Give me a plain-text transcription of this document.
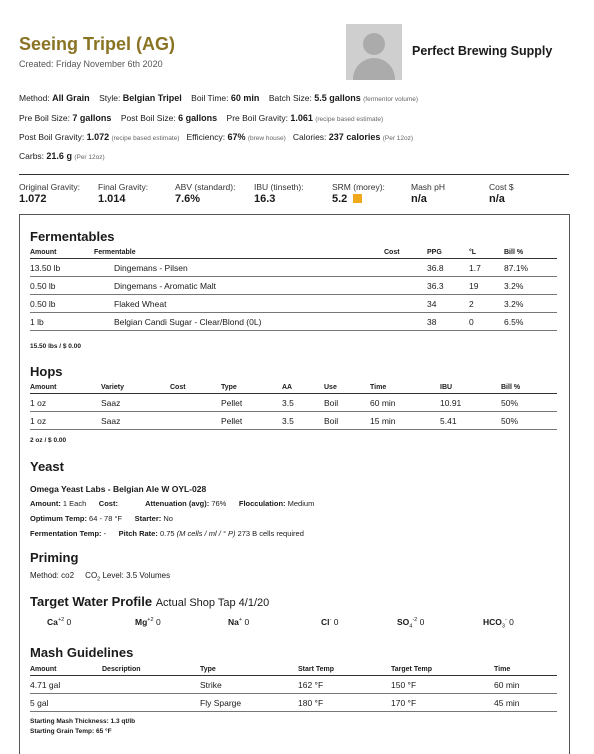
Seeing Tripel (AG)
Created: Friday November 6th 2020
Perfect Brewing Supply
Method: All Grain Style: Belgian Tripel Boil Time: 60 min Batch Size: 5.5 gallons (fermentor volume)
Pre Boil Size: 7 gallons Post Boil Size: 6 gallons Pre Boil Gravity: 1.061 (recipe based estimate)
Post Boil Gravity: 1.072 (recipe based estimate) Efficiency: 67% (brew house) Calories: 237 calories (Per 12oz)
Carbs: 21.6 g (Per 12oz)
Original Gravity:
1.072
Final Gravity:
1.014
ABV (standard):
7.6%
IBU (tinseth):
16.3
SRM (morey):
5.2
Mash pH
n/a
Cost $
n/a
Fermentables
Amount	Fermentable	Cost	PPG	°L	Bill %
13.50 lb	Dingemans - Pilsen		36.8	1.7	87.1%
0.50 lb	Dingemans - Aromatic Malt		36.3	19	3.2%
0.50 lb	Flaked Wheat		34	2	3.2%
1 lb	Belgian Candi Sugar - Clear/Blond (0L)		38	0	6.5%
15.50 lbs / $ 0.00
Hops
Amount	Variety	Cost	Type	AA	Use	Time	IBU	Bill %
1 oz	Saaz		Pellet	3.5	Boil	60 min	10.91	50%
1 oz	Saaz		Pellet	3.5	Boil	15 min	5.41	50%
2 oz / $ 0.00
Yeast
Omega Yeast Labs - Belgian Ale W OYL-028
Amount: 1 Each Cost:	Attenuation (avg): 76% Flocculation: Medium
Optimum Temp: 64 - 78 °F Starter: No
Fermentation Temp: - Pitch Rate: 0.75 (M cells / ml / ° P) 273 B cells required
Priming
Method: co2 $CO_2$ Level: 3.5 Volumes
Target Water Profile Actual Shop Tap 4/1/20
$Ca^{+2}$ 0	$Mg^{+2}$ 0	Na+ 0	Cl- 0	$SO_4^{-2}$ 0	$HCO_3^-$ 0
Mash Guidelines
Amount	Description	Type	Start Temp	Target Temp	Time
4.71 gal		Strike	162 °F	150 °F	60 min
5 gal		Fly Sparge	180 °F	170 °F	45 min
Starting Mash Thickness: 1.3 qt/lb
Starting Grain Temp: 65 °F
